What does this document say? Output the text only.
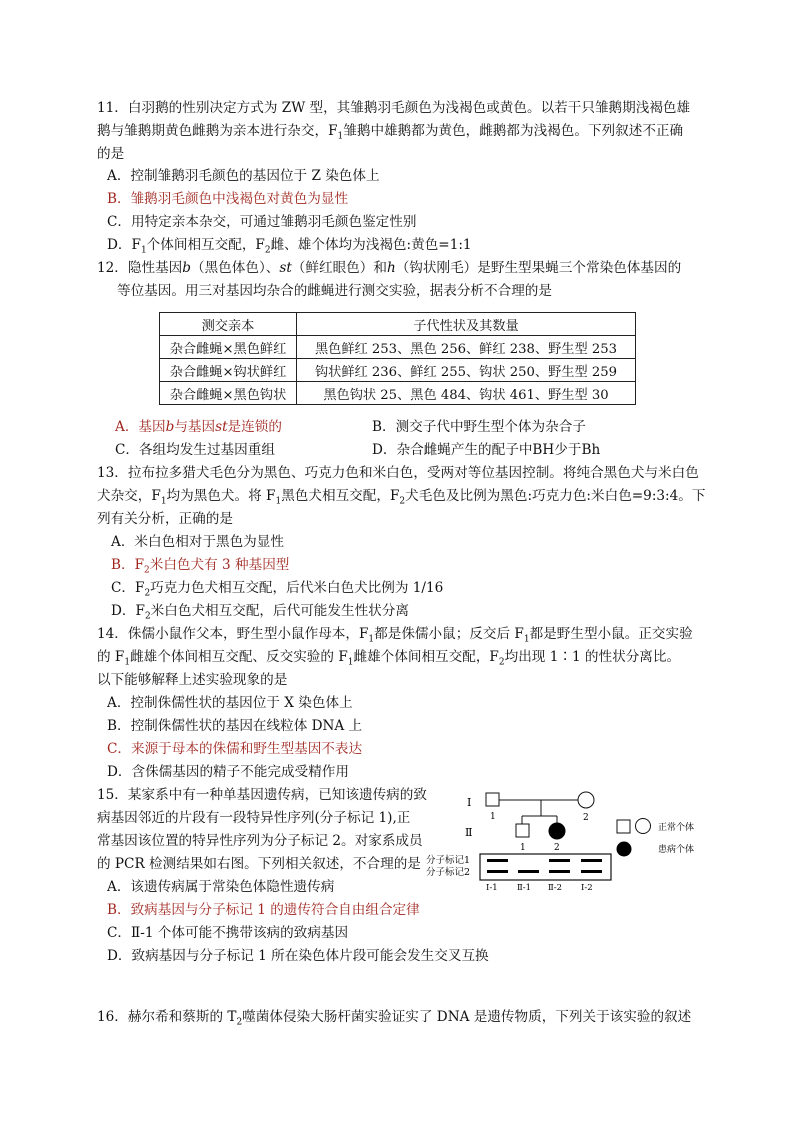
11．白羽鹅的性别决定方式为 ZW 型，其雏鹅羽毛颜色为浅褐色或黄色。以若干只雏鹅期浅褐色雄
鹅与雏鹅期黄色雌鹅为亲本进行杂交，$F_1$雏鹅中雄鹅都为黄色，雌鹅都为浅褐色。下列叙述不正确
的是
A．控制雏鹅羽毛颜色的基因位于 Z 染色体上
B．雏鹅羽毛颜色中浅褐色对黄色为显性
C．用特定亲本杂交，可通过雏鹅羽毛颜色鉴定性别
D．$F_1$个体间相互交配，$F_2$雌、雄个体均为浅褐色:黄色=1:1
12．隐性基因b（黑色体色）、st（鲜红眼色）和h（钩状刚毛）是野生型果蝇三个常染色体基因的
等位基因。用三对基因均杂合的雌蝇进行测交实验，据表分析不合理的是
测交亲本	子代性状及其数量
杂合雌蝇×黑色鲜红	黑色鲜红 253、黑色 256、鲜红 238、野生型 253
杂合雌蝇×钩状鲜红	钩状鲜红 236、鲜红 255、钩状 250、野生型 259
杂合雌蝇×黑色钩状	黑色钩状 25、黑色 484、钩状 461、野生型 30
A．基因b与基因st是连锁的	B．测交子代中野生型个体为杂合子
C．各组均发生过基因重组	D．杂合雌蝇产生的配子中BH少于Bh
13．拉布拉多猎犬毛色分为黑色、巧克力色和米白色，受两对等位基因控制。将纯合黑色犬与米白色
犬杂交，$F_1$均为黑色犬。将 $F_1$黑色犬相互交配，$F_2$犬毛色及比例为黑色:巧克力色:米白色=9:3:4。下
列有关分析，正确的是
A．米白色相对于黑色为显性
B．$F_2$米白色犬有 3 种基因型
C．$F_2$巧克力色犬相互交配，后代米白色犬比例为 1/16
D．$F_2$米白色犬相互交配，后代可能发生性状分离
14．侏儒小鼠作父本，野生型小鼠作母本，$F_1$都是侏儒小鼠；反交后 $F_1$都是野生型小鼠。正交实验
的 $F_1$雌雄个体间相互交配、反交实验的 $F_1$雌雄个体间相互交配，$F_2$均出现 1∶1 的性状分离比。
以下能够解释上述实验现象的是
A．控制侏儒性状的基因位于 X 染色体上
B．控制侏儒性状的基因在线粒体 DNA 上
C．来源于母本的侏儒和野生型基因不表达
D．含侏儒基因的精子不能完成受精作用
15．某家系中有一种单基因遗传病，已知该遗传病的致
病基因邻近的片段有一段特异性序列(分子标记 1),正
常基因该位置的特异性序列为分子标记 2。对家系成员
的 PCR 检测结果如右图。下列相关叙述，不合理的是
A．该遗传病属于常染色体隐性遗传病
B．致病基因与分子标记 1 的遗传符合自由组合定律
C．Ⅱ-1 个体可能不携带该病的致病基因
D．致病基因与分子标记 1 所在染色体片段可能会发生交叉互换
Ⅰ
Ⅱ
1	2
1	2
正常个体
患病个体
分子标记1
分子标记2
Ⅰ-1 Ⅱ-1 Ⅱ-2 Ⅰ-2
16．赫尔希和蔡斯的 $T_2$噬菌体侵染大肠杆菌实验证实了 DNA 是遗传物质，下列关于该实验的叙述
